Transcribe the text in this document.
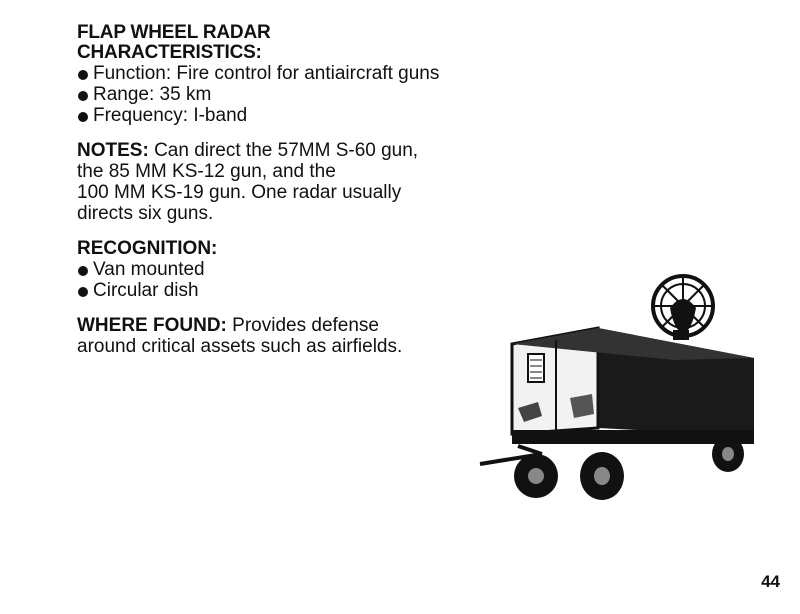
FLAP WHEEL RADAR

CHARACTERISTICS:

Function: Fire control for antiaircraft guns
Range: 35 km
Frequency: I-band

NOTES: Can direct the 57MM S-60 gun,

the 85 MM KS-12 gun, and the

100 MM KS-19 gun. One radar usually

directs six guns.

RECOGNITION:

Van mounted
Circular dish

WHERE FOUND: Provides defense

around critical assets such as airfields.

44
